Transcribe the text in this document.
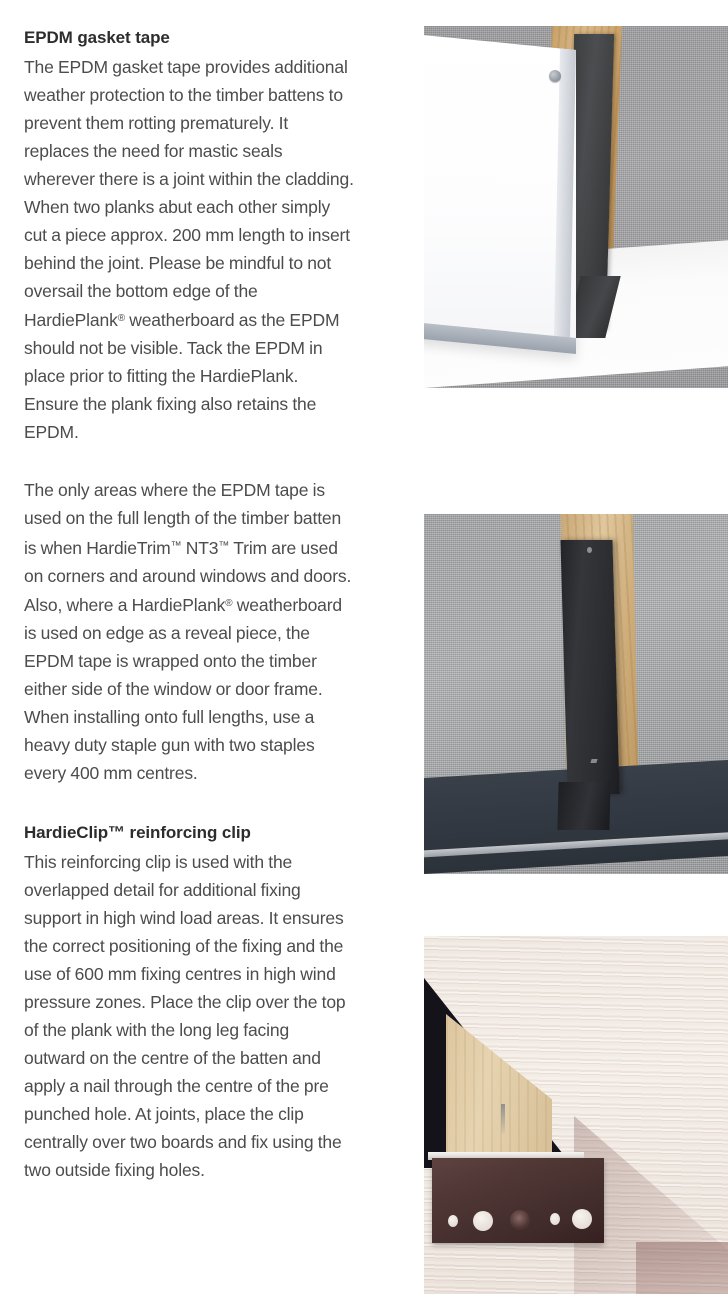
EPDM gasket tape

The EPDM gasket tape provides additional weather protection to the timber battens to prevent them rotting prematurely. It replaces the need for mastic seals wherever there is a joint within the cladding. When two planks abut each other simply cut a piece approx. 200 mm length to insert behind the joint. Please be mindful to not oversail the bottom edge of the HardiePlank® weatherboard as the EPDM should not be visible. Tack the EPDM in place prior to fitting the HardiePlank. Ensure the plank fixing also retains the EPDM.

The only areas where the EPDM tape is used on the full length of the timber batten is when HardieTrim™ NT3™ Trim are used on corners and around windows and doors. Also, where a HardiePlank® weatherboard is used on edge as a reveal piece, the EPDM tape is wrapped onto the timber either side of the window or door frame. When installing onto full lengths, use a heavy duty staple gun with two staples every 400 mm centres.

HardieClip™ reinforcing clip

This reinforcing clip is used with the overlapped detail for additional fixing support in high wind load areas. It ensures the correct positioning of the fixing and the use of 600 mm fixing centres in high wind pressure zones. Place the clip over the top of the plank with the long leg facing outward on the centre of the batten and apply a nail through the centre of the pre punched hole. At joints, place the clip centrally over two boards and fix using the two outside fixing holes.
